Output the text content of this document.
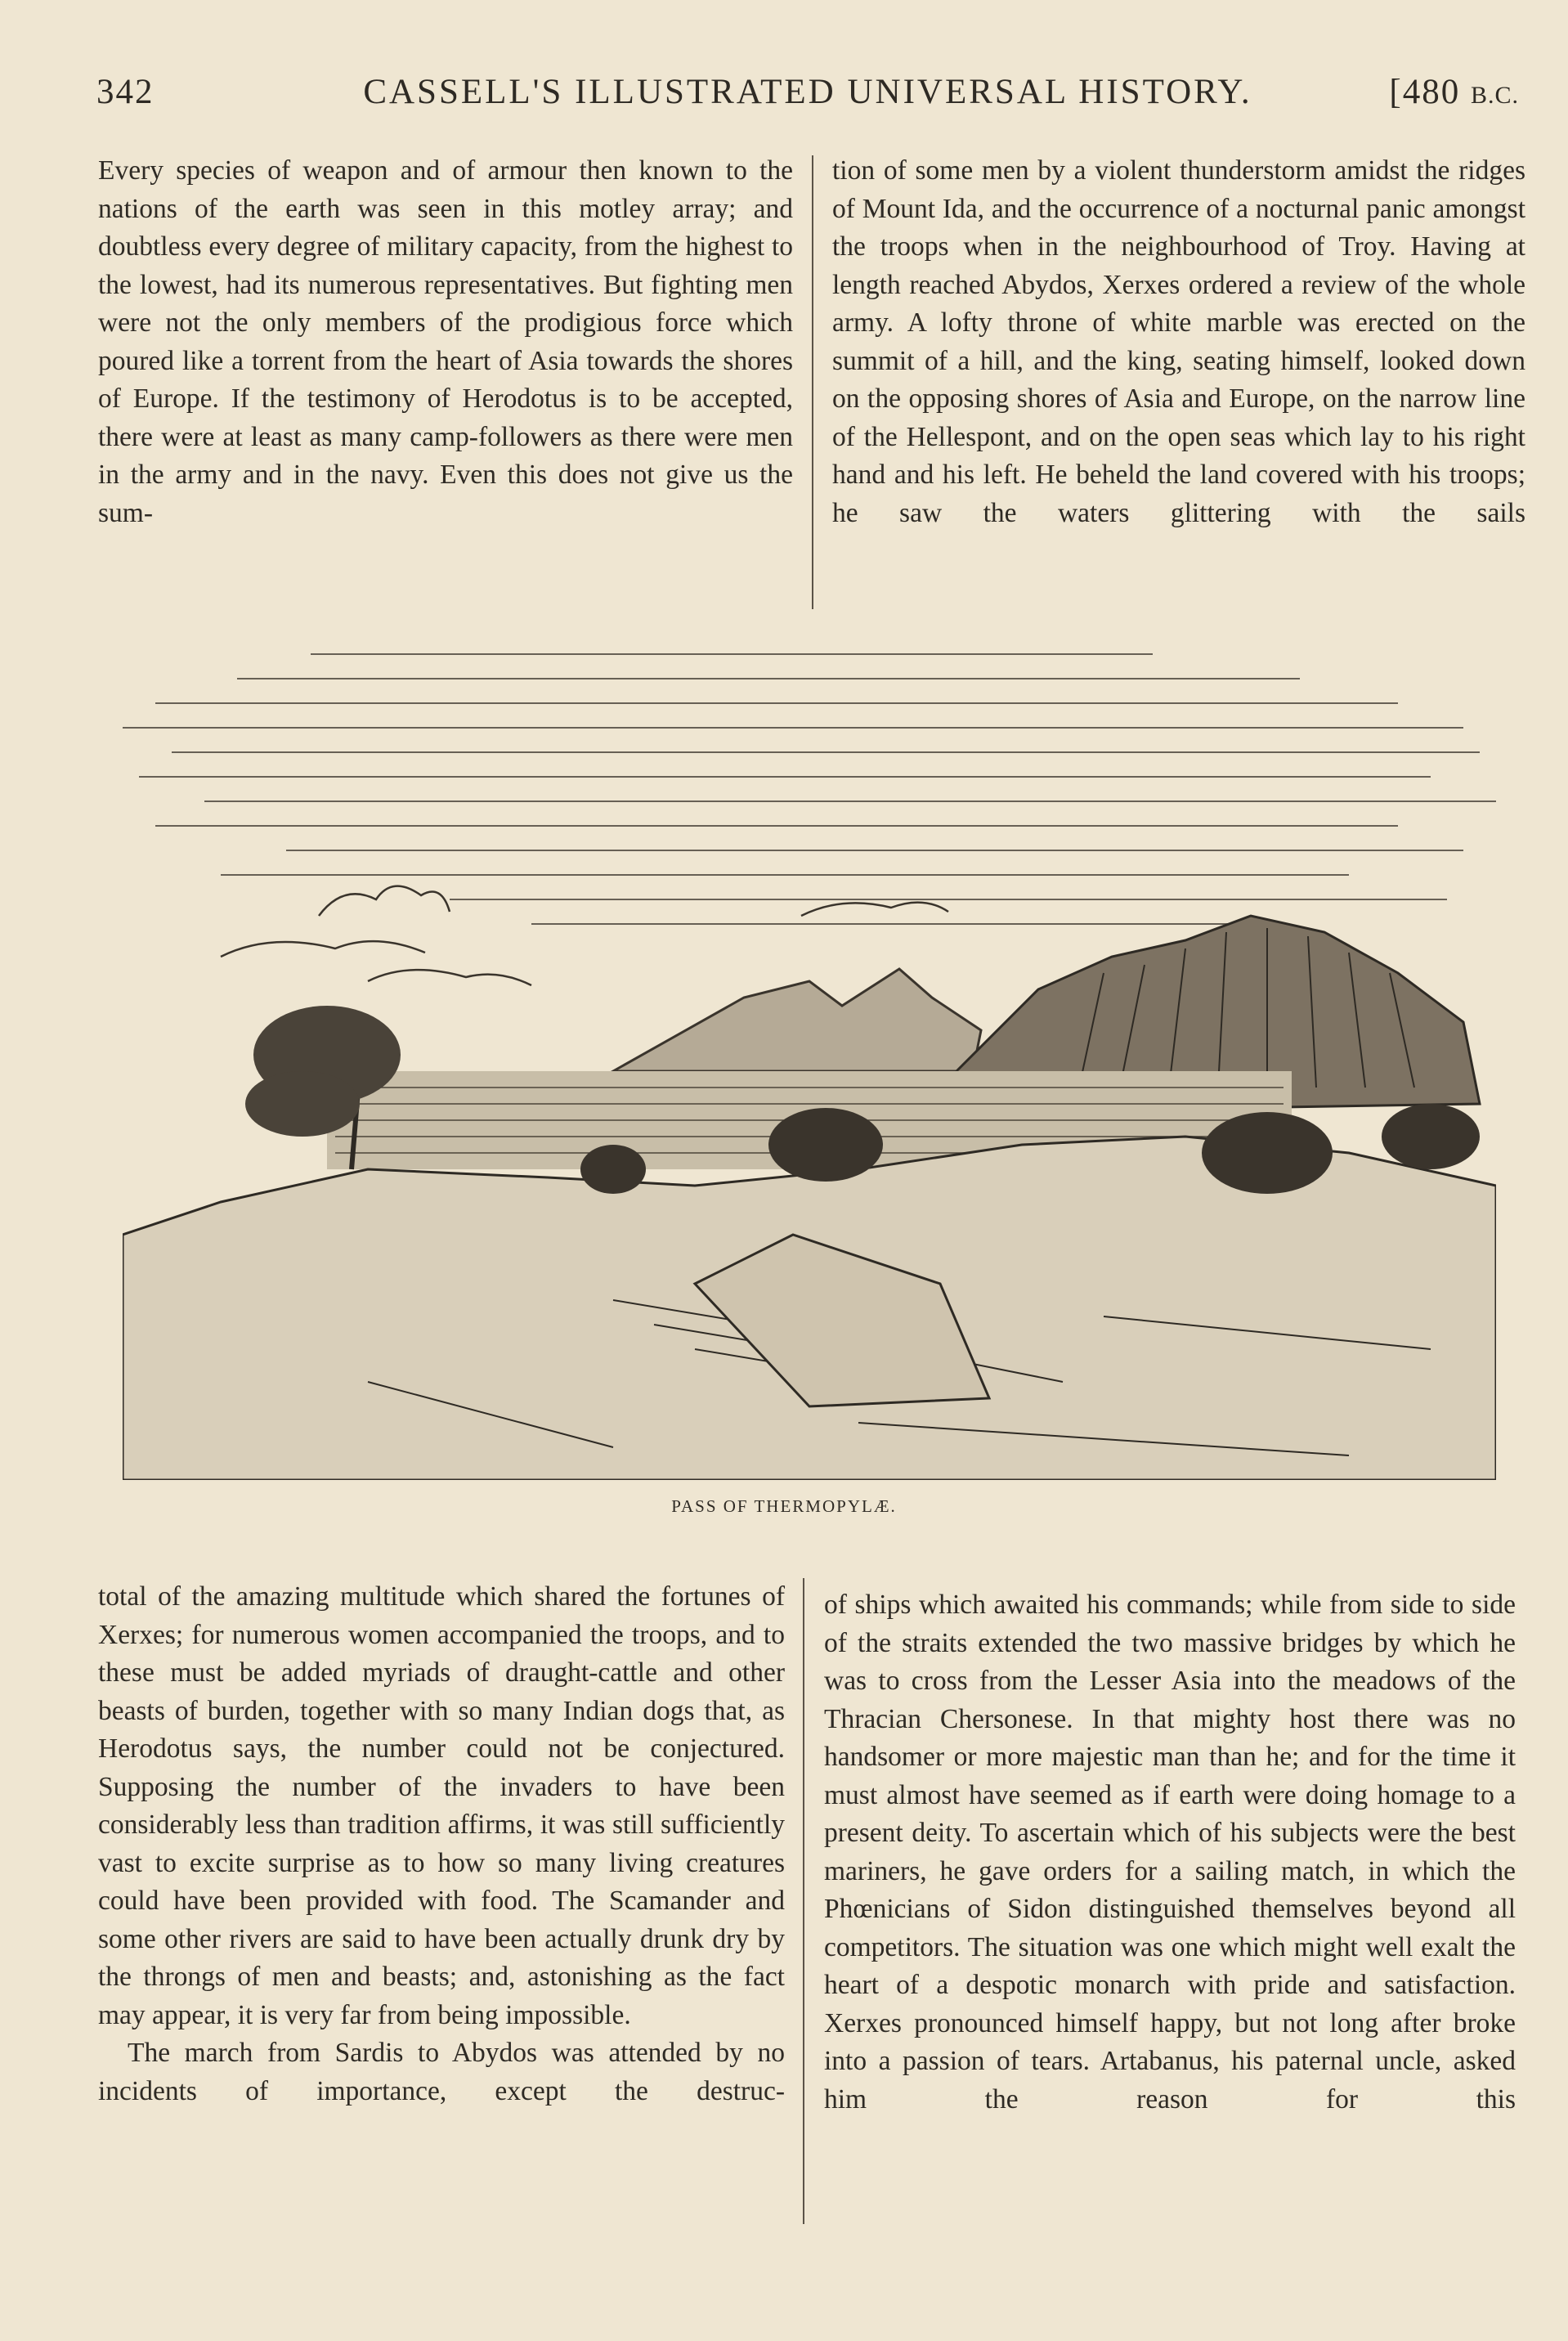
342	CASSELL'S ILLUSTRATED UNIVERSAL HISTORY.	[480 B.C.

Every species of weapon and of armour then known to the nations of the earth was seen in this motley array; and doubtless every degree of military capacity, from the highest to the lowest, had its numerous representatives. But fighting men were not the only members of the prodigious force which poured like a torrent from the heart of Asia towards the shores of Europe. If the testimony of Herodotus is to be accepted, there were at least as many camp-followers as there were men in the army and in the navy. Even this does not give us the sum-

tion of some men by a violent thunderstorm amidst the ridges of Mount Ida, and the occurrence of a nocturnal panic amongst the troops when in the neighbourhood of Troy. Having at length reached Abydos, Xerxes ordered a review of the whole army. A lofty throne of white marble was erected on the summit of a hill, and the king, seating himself, looked down on the opposing shores of Asia and Europe, on the narrow line of the Hellespont, and on the open seas which lay to his right hand and his left. He beheld the land covered with his troops; he saw the waters glittering with the sails

PASS OF THERMOPYLÆ.

total of the amazing multitude which shared the fortunes of Xerxes; for numerous women accompanied the troops, and to these must be added myriads of draught-cattle and other beasts of burden, together with so many Indian dogs that, as Herodotus says, the number could not be conjectured. Supposing the number of the invaders to have been considerably less than tradition affirms, it was still sufficiently vast to excite surprise as to how so many living creatures could have been provided with food. The Scamander and some other rivers are said to have been actually drunk dry by the throngs of men and beasts; and, astonishing as the fact may appear, it is very far from being impossible.

The march from Sardis to Abydos was attended by no incidents of importance, except the destruc-

of ships which awaited his commands; while from side to side of the straits extended the two massive bridges by which he was to cross from the Lesser Asia into the meadows of the Thracian Chersonese. In that mighty host there was no handsomer or more majestic man than he; and for the time it must almost have seemed as if earth were doing homage to a present deity. To ascertain which of his subjects were the best mariners, he gave orders for a sailing match, in which the Phœnicians of Sidon distinguished themselves beyond all competitors. The situation was one which might well exalt the heart of a despotic monarch with pride and satisfaction. Xerxes pronounced himself happy, but not long after broke into a passion of tears. Artabanus, his paternal uncle, asked him the reason for this
